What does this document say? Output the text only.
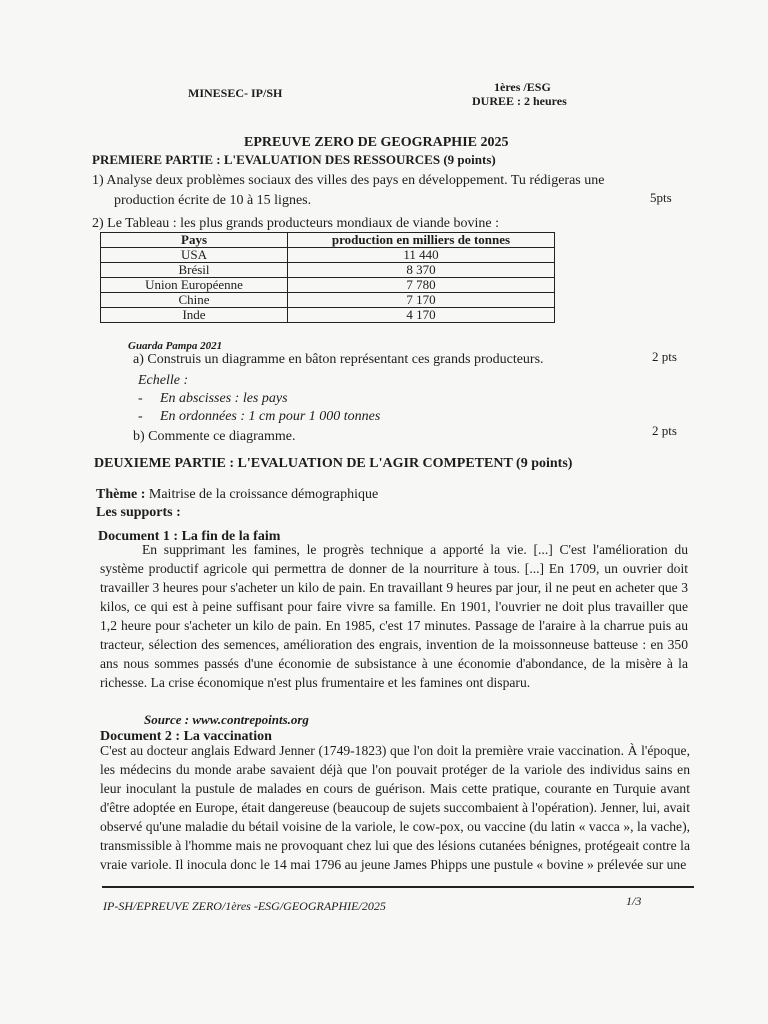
MINESEC- IP/SH	1ères /ESG
DUREE : 2 heures
EPREUVE ZERO DE GEOGRAPHIE 2025
PREMIERE PARTIE : L'EVALUATION DES RESSOURCES (9 points)
1) Analyse deux problèmes sociaux des villes des pays en développement. Tu rédigeras une
production écrite de 10 à 15 lignes.	5pts
2) Le Tableau : les plus grands producteurs mondiaux de viande bovine :
Pays	production en milliers de tonnes
USA	11 440
Brésil	8 370
Union Européenne	7 780
Chine	7 170
Inde	4 170
Guarda Pampa 2021
a) Construis un diagramme en bâton représentant ces grands producteurs.	2 pts
Echelle :
- En abscisses : les pays
- En ordonnées : 1 cm pour 1 000 tonnes
b) Commente ce diagramme.	2 pts
DEUXIEME PARTIE : L'EVALUATION DE L'AGIR COMPETENT (9 points)
Thème : Maitrise de la croissance démographique
Les supports :
Document 1 : La fin de la faim
En supprimant les famines, le progrès technique a apporté la vie. [...] C'est l'amélioration du système productif agricole qui permettra de donner de la nourriture à tous. [...] En 1709, un ouvrier doit travailler 3 heures pour s'acheter un kilo de pain. En travaillant 9 heures par jour, il ne peut en acheter que 3 kilos, ce qui est à peine suffisant pour faire vivre sa famille. En 1901, l'ouvrier ne doit plus travailler que 1,2 heure pour s'acheter un kilo de pain. En 1985, c'est 17 minutes. Passage de l'araire à la charrue puis au tracteur, sélection des semences, amélioration des engrais, invention de la moissonneuse batteuse : en 350 ans nous sommes passés d'une économie de subsistance à une économie d'abondance, de la misère à la richesse. La crise économique n'est plus frumentaire et les famines ont disparu.
Source : www.contrepoints.org
Document 2 : La vaccination
C'est au docteur anglais Edward Jenner (1749-1823) que l'on doit la première vraie vaccination. À l'époque, les médecins du monde arabe savaient déjà que l'on pouvait protéger de la variole des individus sains en leur inoculant la pustule de malades en cours de guérison. Mais cette pratique, courante en Turquie avant d'être adoptée en Europe, était dangereuse (beaucoup de sujets succombaient à l'opération). Jenner, lui, avait observé qu'une maladie du bétail voisine de la variole, le cow-pox, ou vaccine (du latin « vacca », la vache), transmissible à l'homme mais ne provoquant chez lui que des lésions cutanées bénignes, protégeait contre la vraie variole. Il inocula donc le 14 mai 1796 au jeune James Phipps une pustule « bovine » prélevée sur une
IP-SH/EPREUVE ZERO/1ères -ESG/GEOGRAPHIE/2025	1/3
